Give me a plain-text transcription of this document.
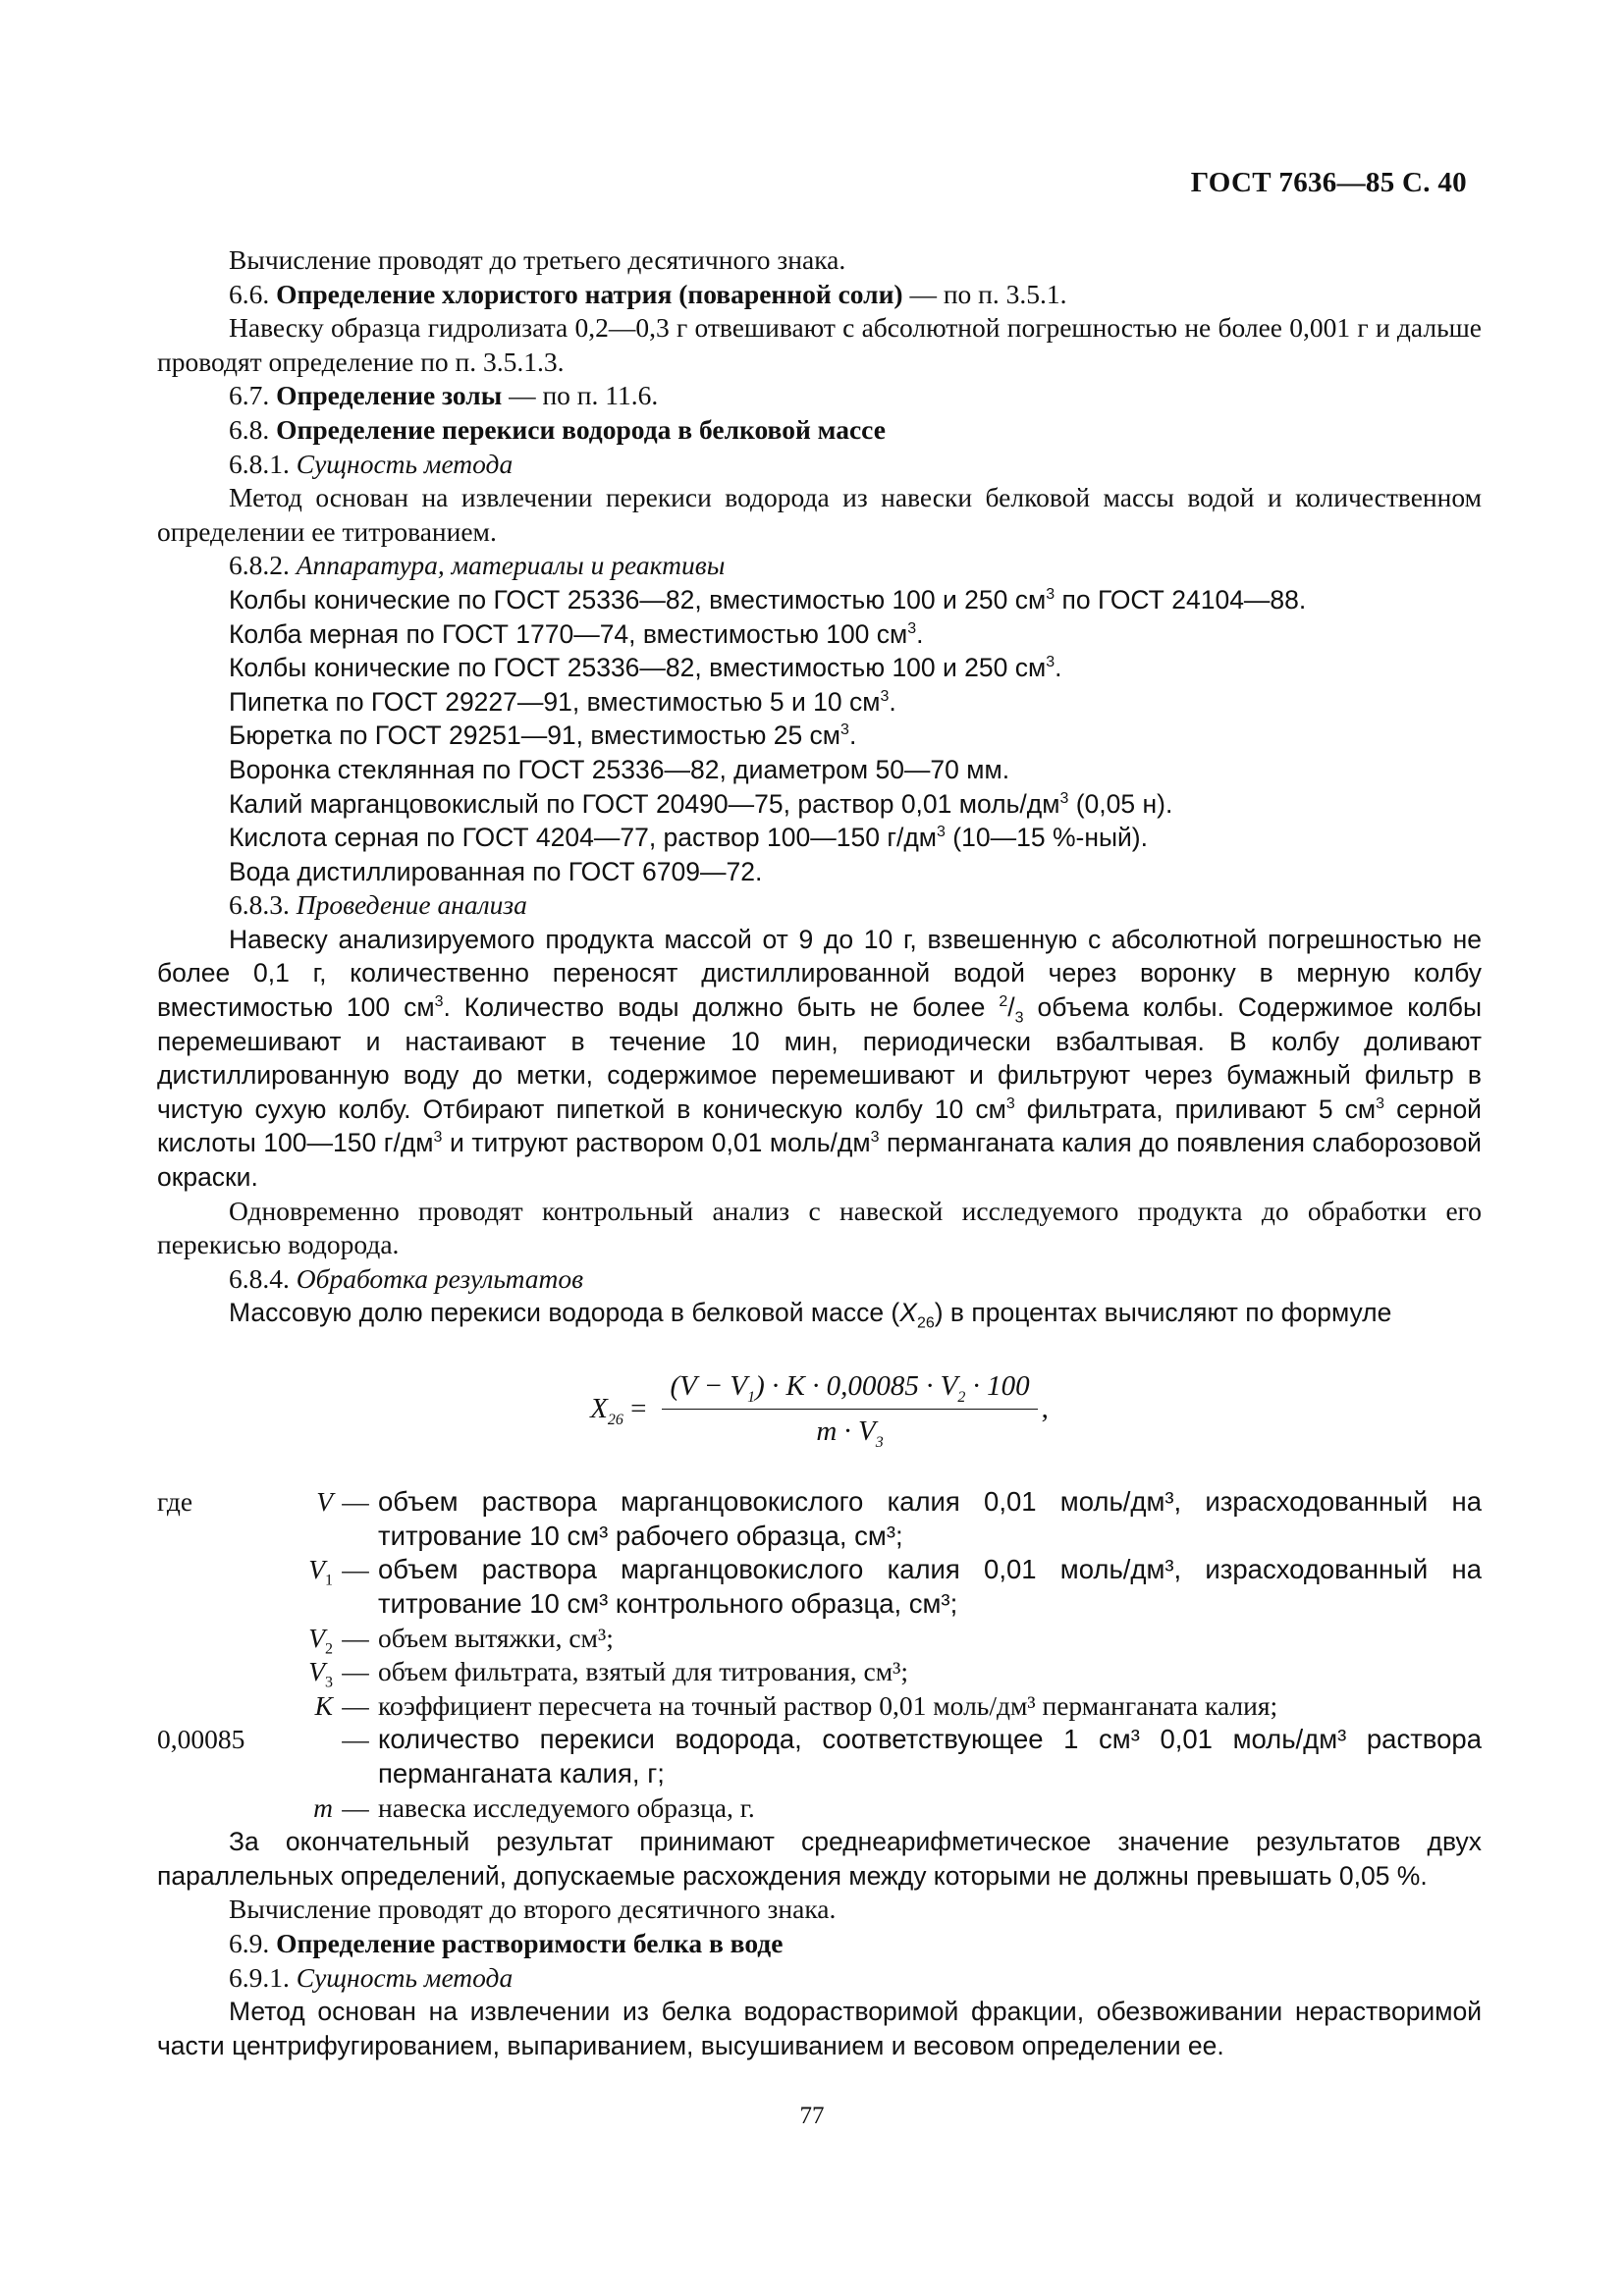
ГОСТ 7636—85 С. 40

Вычисление проводят до третьего десятичного знака.

6.6. Определение хлористого натрия (поваренной соли) — по п. 3.5.1.

Навеску образца гидролизата 0,2—0,3 г отвешивают с абсолютной погрешностью не более 0,001 г и дальше проводят определение по п. 3.5.1.3.

6.7. Определение золы — по п. 11.6.

6.8. Определение перекиси водорода в белковой массе

6.8.1. Сущность метода

Метод основан на извлечении перекиси водорода из навески белковой массы водой и количественном определении ее титрованием.

6.8.2. Аппаратура, материалы и реактивы

Колбы конические по ГОСТ 25336—82, вместимостью 100 и 250 $см^3$ по ГОСТ 24104—88.

Колба мерная по ГОСТ 1770—74, вместимостью 100 $см^3$.

Колбы конические по ГОСТ 25336—82, вместимостью 100 и 250 $см^3$.

Пипетка по ГОСТ 29227—91, вместимостью 5 и 10 $см^3$.

Бюретка по ГОСТ 29251—91, вместимостью 25 $см^3$.

Воронка стеклянная по ГОСТ 25336—82, диаметром 50—70 мм.

Калий марганцовокислый по ГОСТ 20490—75, раствор 0,01 моль/$дм^3$ (0,05 н).

Кислота серная по ГОСТ 4204—77, раствор 100—150 $г/дм^3$ (10—15 %-ный).

Вода дистиллированная по ГОСТ 6709—72.

6.8.3. Проведение анализа

Навеску анализируемого продукта массой от 9 до 10 г, взвешенную с абсолютной погрешностью не более 0,1 г, количественно переносят дистиллированной водой через воронку в мерную колбу вместимостью 100 $см^3$. Количество воды должно быть не более $^2/_3$ объема колбы. Содержимое колбы перемешивают и настаивают в течение 10 мин, периодически взбалтывая. В колбу доливают дистиллированную воду до метки, содержимое перемешивают и фильтруют через бумажный фильтр в чистую сухую колбу. Отбирают пипеткой в коническую колбу 10 $см^3$ фильтрата, приливают 5 $см^3$ серной кислоты 100—150 $г/дм^3$ и титруют раствором 0,01 моль/$дм^3$ перманганата калия до появления слаборозовой окраски.

Одновременно проводят контрольный анализ с навеской исследуемого продукта до обработки его перекисью водорода.

6.8.4. Обработка результатов

Массовую долю перекиси водорода в белковой массе $(X_{26})$ в процентах вычисляют по формуле

$X_{26} = \frac{(V - V_1) \cdot K \cdot 0,00085 \cdot V_2 \cdot 100}{m \cdot V_3}$ ,
где	V	—	объем раствора марганцовокислого калия 0,01 моль/дм³, израсходованный на титрование 10 см³ рабочего образца, см³;
	$V_1$	—	объем раствора марганцовокислого калия 0,01 моль/дм³, израсходованный на титрование 10 см³ контрольного образца, см³;
	$V_2$	—	объем вытяжки, см³;
	$V_3$	—	объем фильтрата, взятый для титрования, см³;
	K	—	коэффициент пересчета на точный раствор 0,01 моль/дм³ перманганата калия;
0,00085		—	количество перекиси водорода, соответствующее 1 см³ 0,01 моль/дм³ раствора перманганата калия, г;
	m	—	навеска исследуемого образца, г.

За окончательный результат принимают среднеарифметическое значение результатов двух параллельных определений, допускаемые расхождения между которыми не должны превышать 0,05 %.

Вычисление проводят до второго десятичного знака.

6.9. Определение растворимости белка в воде

6.9.1. Сущность метода

Метод основан на извлечении из белка водорастворимой фракции, обезвоживании нерастворимой части центрифугированием, выпариванием, высушиванием и весовом определении ее.

77
